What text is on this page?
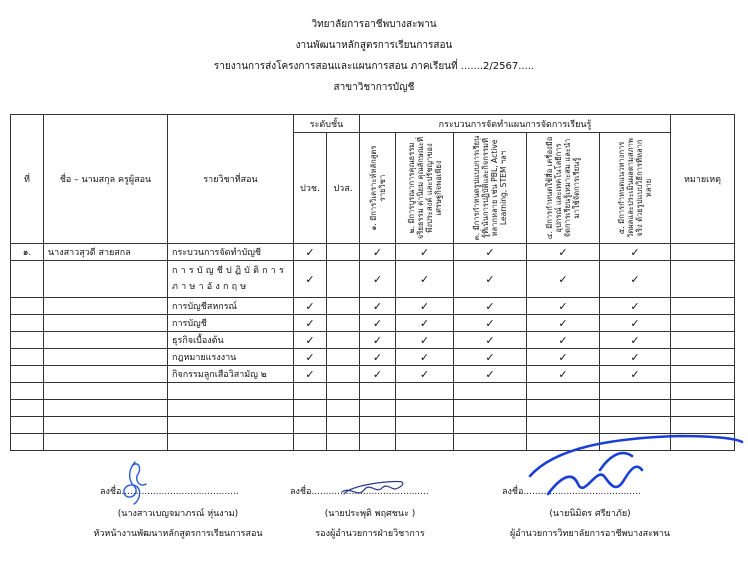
วิทยาลัยการอาชีพบางสะพาน
งานพัฒนาหลักสูตรการเรียนการสอน
รายงานการส่งโครงการสอนและแผนการสอน ภาคเรียนที่ .......2/2567.....
สาขาวิชาการบัญชี
ที่	ชื่อ – นามสกุล ครูผู้สอน	รายวิชาที่สอน	ระดับชั้น		กระบวนการจัดทำแผนการจัดการเรียนรู้					หมายเหตุ
			ปวช.	ปวส.	๑. มีการวิเคราะห์หลักสูตรรายวิชา	๒. มีการบูรณาการคุณธรรม จริยธรรม ค่านิยม คุณลักษณะที่พึงประสงค์ และปรัชญาของเศรษฐกิจพอเพียง	๓. มีการกำหนดรูปแบบการเรียนรู้ที่เน้นการปฏิบัติและกิจกรรมที่หลากหลาย เช่น PBL, Active Learning, STEM ฯลฯ	๔. มีการกำหนดใช้สื่อ เครื่องมือ อุปกรณ์ และเทคโนโลยีการจัดการเรียนรู้เหมาะสม และนำมาใช้จัดการเรียนรู้	๕. มีการกำหนดแนวทางการวัดผลและประเมินผลตามสภาพจริง ด้วยรูปแบบวิธีการที่หลากหลาย	

๑.	นางสาวสุวดี สายสกล	กระบวนการจัดทำบัญชี	✓		✓	✓	✓	✓	✓	
		การบัญชีปฏิบัติการภาษาอังกฤษ	✓		✓	✓	✓	✓	✓	
		การบัญชีสหกรณ์	✓		✓	✓	✓	✓	✓	
		การบัญชี	✓		✓	✓	✓	✓	✓	
		ธุรกิจเบื้องต้น	✓		✓	✓	✓	✓	✓	
		กฎหมายแรงงาน	✓		✓	✓	✓	✓	✓	
		กิจกรรมลูกเสือวิสามัญ ๒	✓		✓	✓	✓	✓	✓	

ลงชื่อ.........................................
(นางสาวเบญจมาภรณ์ หุ่นงาม)
หัวหน้างานพัฒนาหลักสูตรการเรียนการสอน
ลงชื่อ.........................................
(นายประพุติ พฤศชนะ )
รองผู้อำนวยการฝ่ายวิชาการ
ลงชื่อ.........................................
(นายนิมิตร ศรียาภัย)
ผู้อำนวยการวิทยาลัยการอาชีพบางสะพาน
